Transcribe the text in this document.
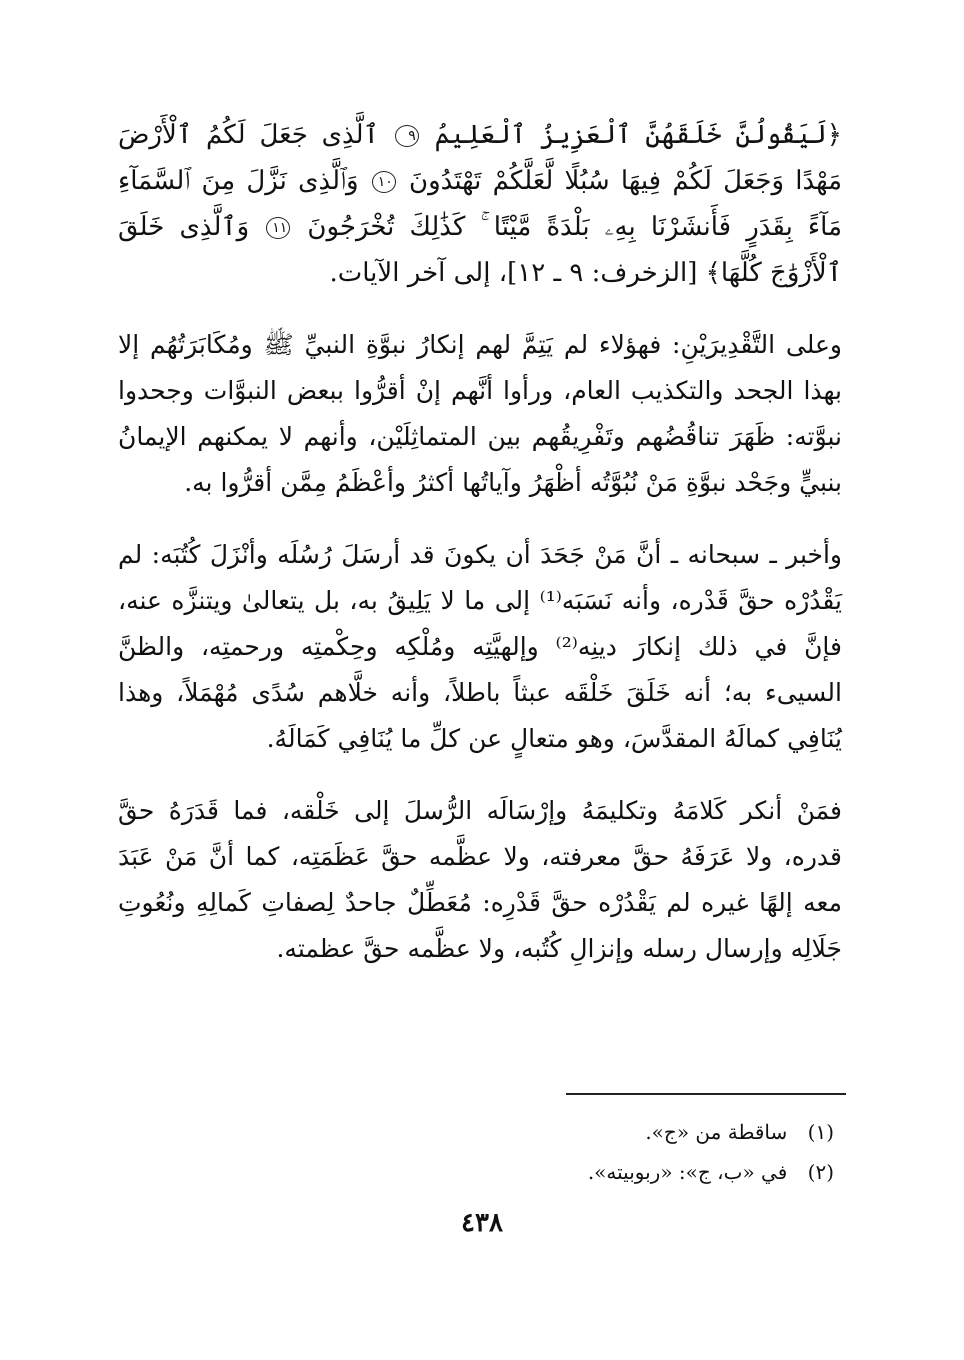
﴿لَيَقُولُنَّ خَلَقَهُنَّ ٱلْعَزِيزُ ٱلْعَلِيمُ ٩ ٱلَّذِى جَعَلَ لَكُمُ ٱلْأَرْضَ مَهْدًا وَجَعَلَ لَكُمْ فِيهَا سُبُلًا لَّعَلَّكُمْ تَهْتَدُونَ ١٠ وَٱلَّذِى نَزَّلَ مِنَ ٱلسَّمَآءِ مَآءً بِقَدَرٍ فَأَنشَرْنَا بِهِۦ بَلْدَةً مَّيْتًا ۚ كَذَٰلِكَ تُخْرَجُونَ ١١ وَٱلَّذِى خَلَقَ ٱلْأَزْوَٰجَ كُلَّهَا﴾ [الزخرف: ٩ ـ ١٢]، إلى آخر الآيات.

وعلى التَّقْدِيرَيْنِ: فهؤلاء لم يَتِمَّ لهم إنكارُ نبوَّةِ النبيِّ ﷺ ومُكَابَرَتُهُم إلا بهذا الجحد والتكذيب العام، ورأوا أنَّهم إنْ أقرُّوا ببعض النبوَّات وجحدوا نبوَّته: ظَهَرَ تناقُضُهم وتَفْرِيقُهم بين المتماثِلَيْن، وأنهم لا يمكنهم الإيمانُ بنبيٍّ وجَحْد نبوَّةِ مَنْ نُبُوَّتُه أظْهَرُ وآياتُها أكثرُ وأعْظَمُ مِمَّن أقرُّوا به.

وأخبر ـ سبحانه ـ أنَّ مَنْ جَحَدَ أن يكونَ قد أرسَلَ رُسُلَه وأنْزَلَ كُتُبَه: لم يَقْدُرْه حقَّ قَدْره، وأنه نَسَبَه⁽¹⁾ إلى ما لا يَلِيقُ به، بل يتعالىٰ ويتنزَّه عنه، فإنَّ في ذلك إنكارَ دينِه⁽²⁾ وإلهيَّتِه ومُلْكِه وحِكْمتِه ورحمتِه، والظنَّ السيىء به؛ أنه خَلَقَ خَلْقَه عبثاً باطلاً، وأنه خلَّاهم سُدًى مُهْمَلاً، وهذا يُنَافِي كمالَهُ المقدَّسَ، وهو متعالٍ عن كلِّ ما يُنَافِي كَمَالَهُ.

فمَنْ أنكر كَلامَهُ وتكليمَهُ وإرْسَالَه الرُّسلَ إلى خَلْقه، فما قَدَرَهُ حقَّ قدره، ولا عَرَفَهُ حقَّ معرفته، ولا عظَّمه حقَّ عَظَمَتِه، كما أنَّ مَنْ عَبَدَ معه إلهًا غيره لم يَقْدُرْه حقَّ قَدْرِه: مُعَطِّلٌ جاحدٌ لِصفاتِ كَمالِهِ ونُعُوتِ جَلَالِه وإرسال رسله وإنزالِ كُتُبه، ولا عظَّمه حقَّ عظمته.

(١) ساقطة من «ج».
(٢) في «ب، ج»: «ربوبيته».
٤٣٨
